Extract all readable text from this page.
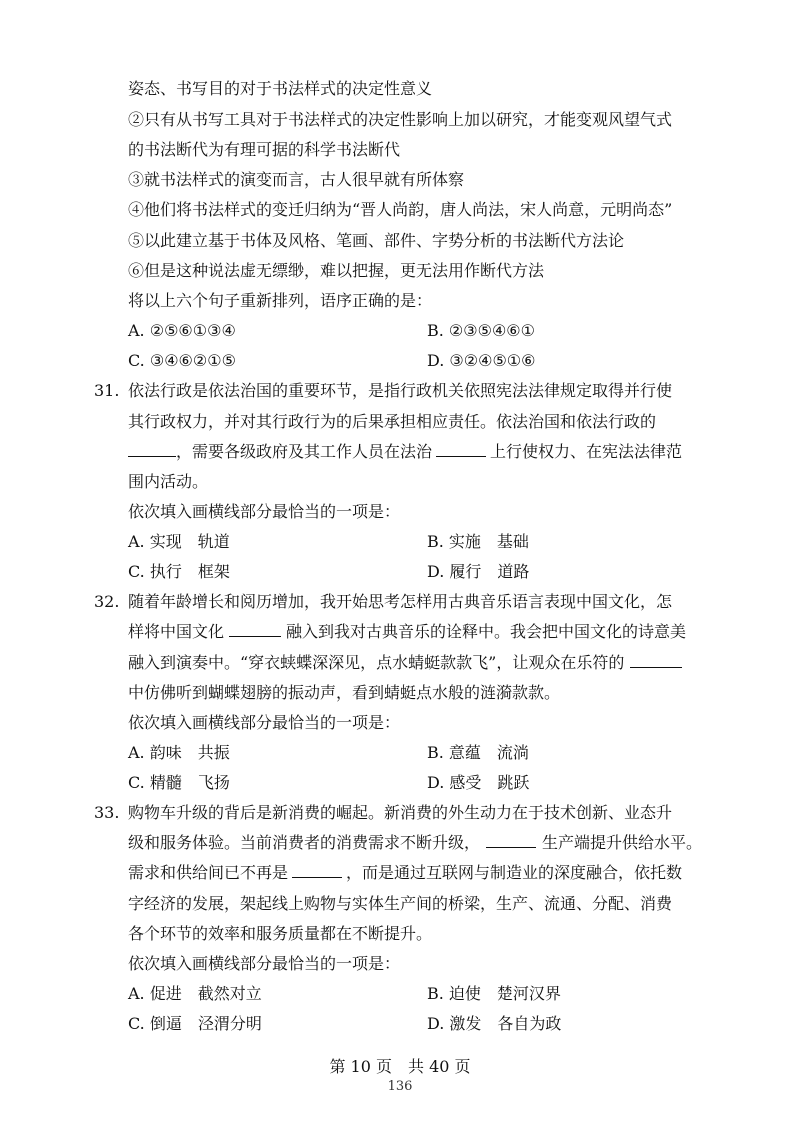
姿态、书写目的对于书法样式的决定性意义
②只有从书写工具对于书法样式的决定性影响上加以研究，才能变观风望气式
的书法断代为有理可据的科学书法断代
③就书法样式的演变而言，古人很早就有所体察
④他们将书法样式的变迁归纳为“晋人尚韵，唐人尚法，宋人尚意，元明尚态”
⑤以此建立基于书体及风格、笔画、部件、字势分析的书法断代方法论
⑥但是这种说法虚无缥缈，难以把握，更无法用作断代方法
将以上六个句子重新排列，语序正确的是：
A. ②⑤⑥①③④	B. ②③⑤④⑥①
C. ③④⑥②①⑤	D. ③②④⑤①⑥
31. 依法行政是依法治国的重要环节，是指行政机关依照宪法法律规定取得并行使
其行政权力，并对其行政行为的后果承担相应责任。依法治国和依法行政的
，需要各级政府及其工作人员在法治	上行使权力、在宪法法律范
围内活动。
依次填入画横线部分最恰当的一项是：
A. 实现　轨道	B. 实施　基础
C. 执行　框架	D. 履行　道路
32. 随着年龄增长和阅历增加，我开始思考怎样用古典音乐语言表现中国文化，怎
样将中国文化	融入到我对古典音乐的诠释中。我会把中国文化的诗意美
融入到演奏中。“穿衣蛱蝶深深见，点水蜻蜓款款飞”，让观众在乐符的
中仿佛听到蝴蝶翅膀的振动声，看到蜻蜓点水般的涟漪款款。
依次填入画横线部分最恰当的一项是：
A. 韵味　共振	B. 意蕴　流淌
C. 精髓　飞扬	D. 感受　跳跃
33. 购物车升级的背后是新消费的崛起。新消费的外生动力在于技术创新、业态升
级和服务体验。当前消费者的消费需求不断升级，	生产端提升供给水平。
需求和供给间已不再是	，而是通过互联网与制造业的深度融合，依托数
字经济的发展，架起线上购物与实体生产间的桥梁，生产、流通、分配、消费
各个环节的效率和服务质量都在不断提升。
依次填入画横线部分最恰当的一项是：
A. 促进　截然对立	B. 迫使　楚河汉界
C. 倒逼　泾渭分明	D. 激发　各自为政
第 10 页　共 40 页
136
